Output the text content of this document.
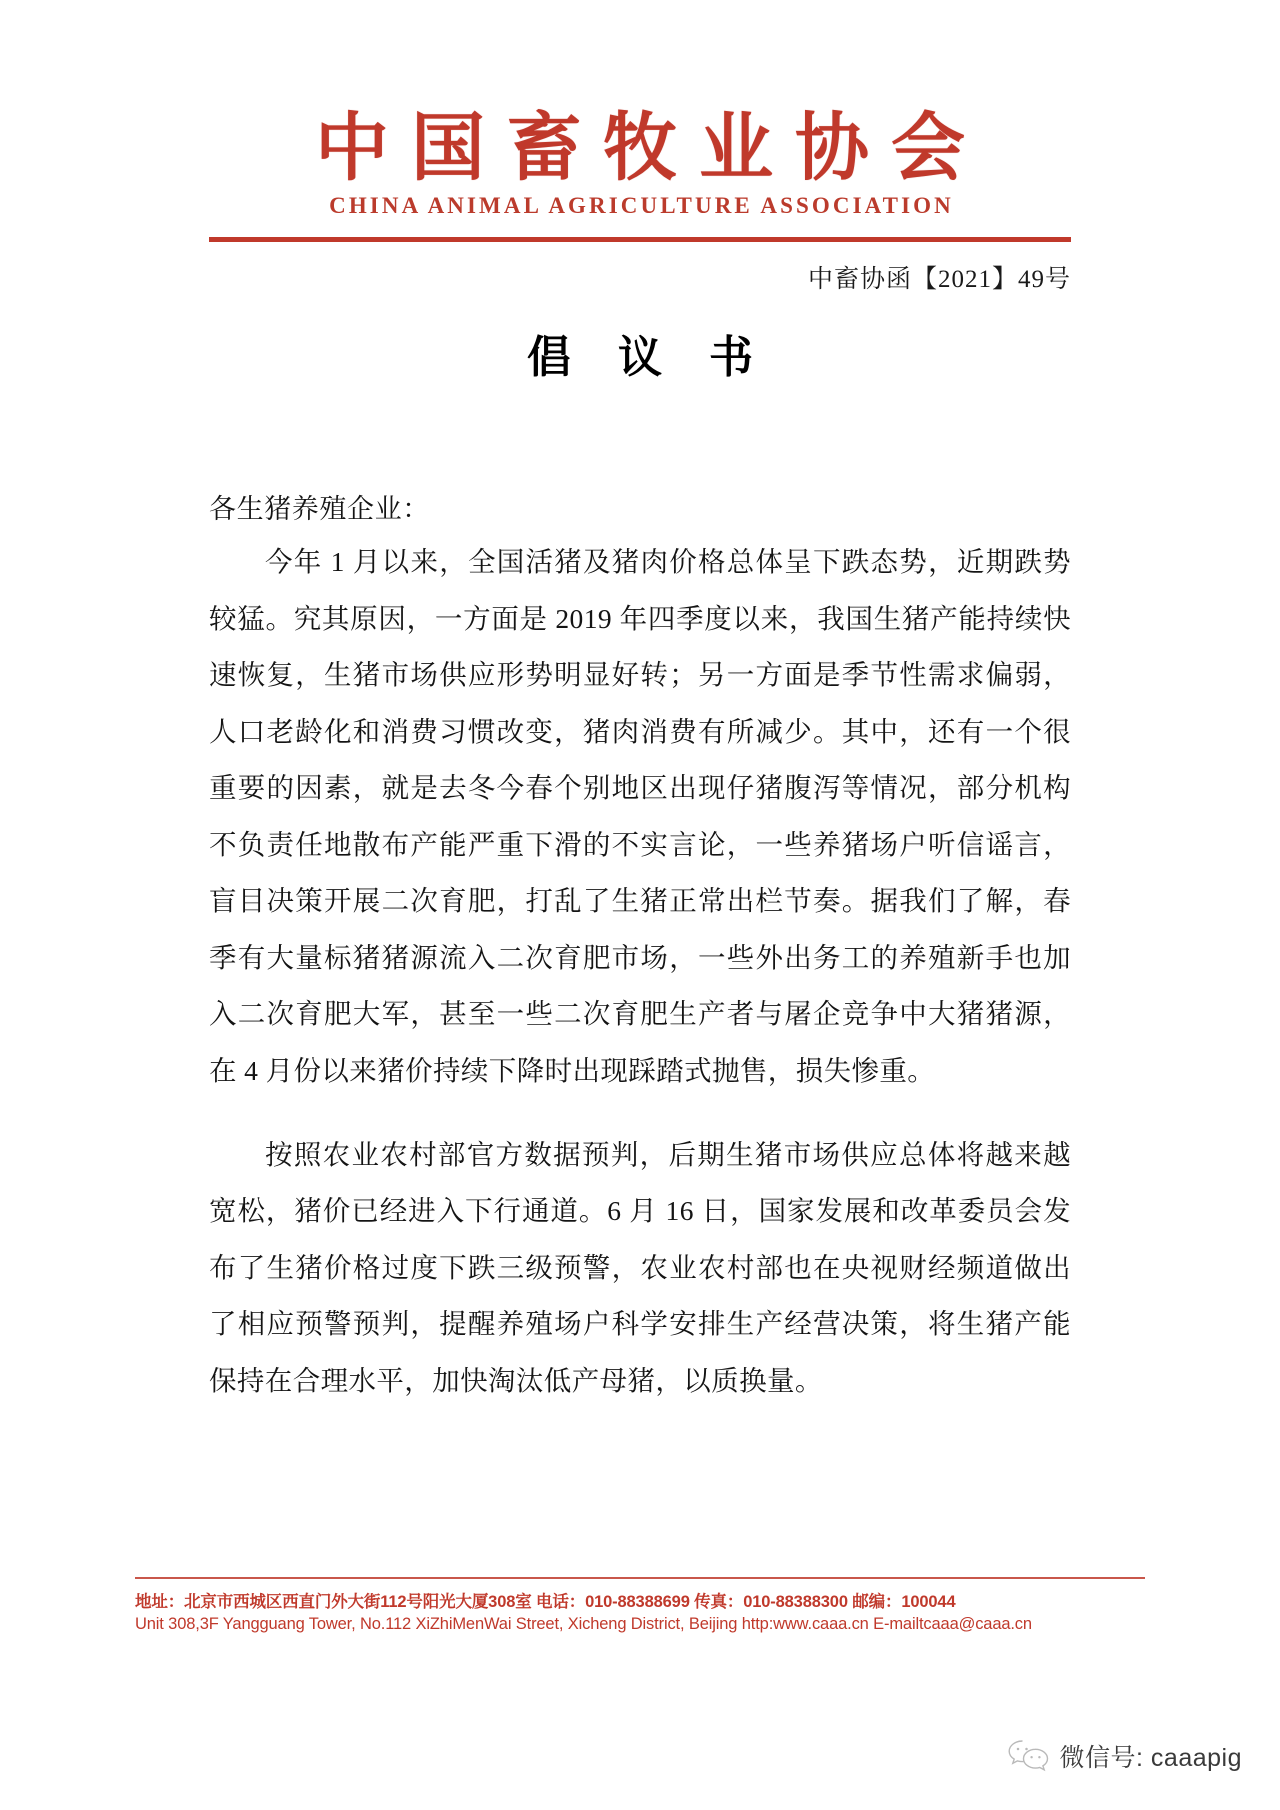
中国畜牧业协会
CHINA ANIMAL AGRICULTURE ASSOCIATION
中畜协函【2021】49号
倡 议 书
各生猪养殖企业：

今年 1 月以来，全国活猪及猪肉价格总体呈下跌态势，近期跌势较猛。究其原因，一方面是 2019 年四季度以来，我国生猪产能持续快速恢复，生猪市场供应形势明显好转；另一方面是季节性需求偏弱，人口老龄化和消费习惯改变，猪肉消费有所减少。其中，还有一个很重要的因素，就是去冬今春个别地区出现仔猪腹泻等情况，部分机构不负责任地散布产能严重下滑的不实言论，一些养猪场户听信谣言，盲目决策开展二次育肥，打乱了生猪正常出栏节奏。据我们了解，春季有大量标猪猪源流入二次育肥市场，一些外出务工的养殖新手也加入二次育肥大军，甚至一些二次育肥生产者与屠企竞争中大猪猪源，在 4 月份以来猪价持续下降时出现踩踏式抛售，损失惨重。

按照农业农村部官方数据预判，后期生猪市场供应总体将越来越宽松，猪价已经进入下行通道。6 月 16 日，国家发展和改革委员会发布了生猪价格过度下跌三级预警，农业农村部也在央视财经频道做出了相应预警预判，提醒养殖场户科学安排生产经营决策，将生猪产能保持在合理水平，加快淘汰低产母猪，以质换量。

地址：北京市西城区西直门外大街112号阳光大厦308室 电话：010-88388699 传真：010-88388300 邮编：100044
Unit 308,3F Yangguang Tower, No.112 XiZhiMenWai Street, Xicheng District, Beijing http:www.caaa.cn E-mailtcaaa@caaa.cn
微信号: caaapig
